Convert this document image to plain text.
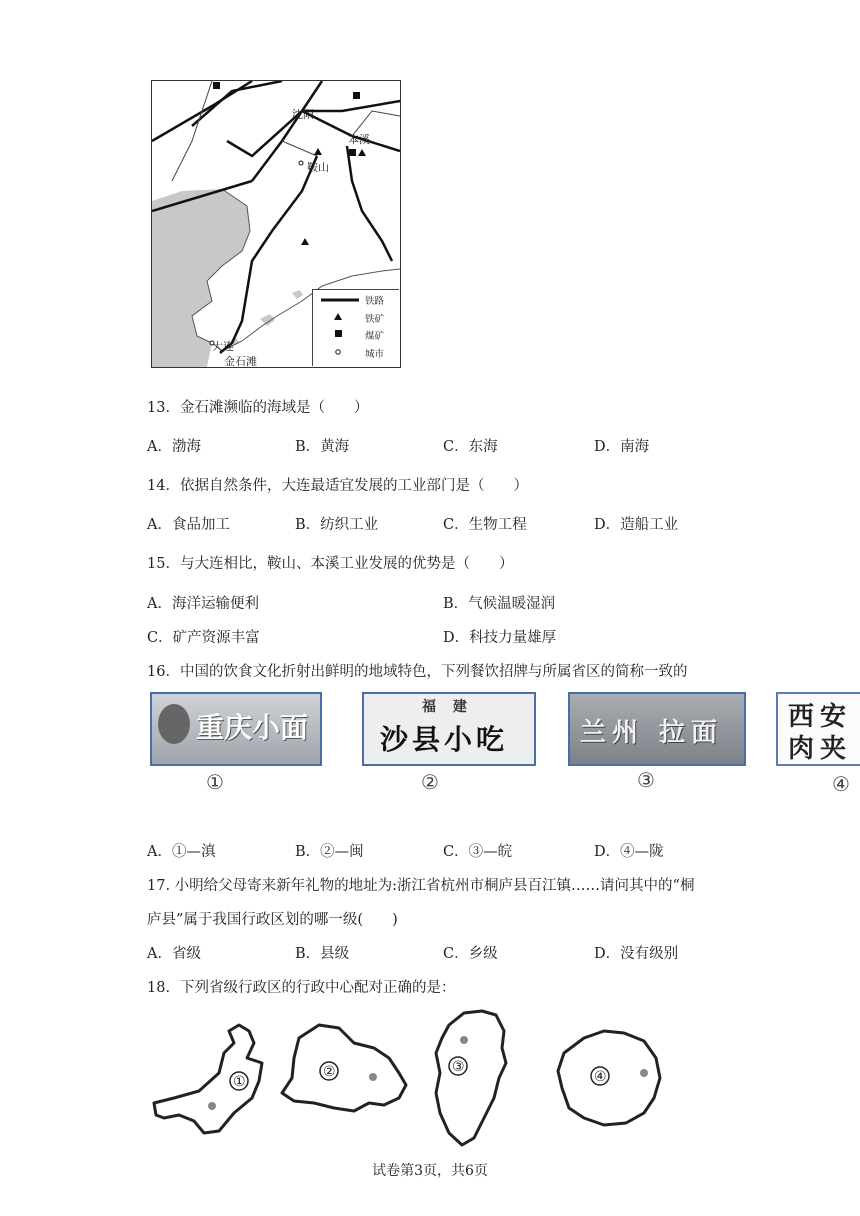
沈阳
本溪
鞍山
大连
金石滩
铁路
铁矿
煤矿
城市
13．金石滩濒临的海域是（　　）
A．渤海	B．黄海	C．东海	D．南海
14．依据自然条件，大连最适宜发展的工业部门是（　　）
A．食品加工	B．纺织工业	C．生物工程	D．造船工业
15．与大连相比，鞍山、本溪工业发展的优势是（　　）
A．海洋运输便利	B．气候温暖湿润
C．矿产资源丰富	D．科技力量雄厚
16．中国的饮食文化折射出鲜明的地域特色，下列餐饮招牌与所属省区的简称一致的
重庆小面
①
福 建
沙县小吃
②
兰州 拉面
③
西安
肉夹
④
A．①—滇	B．②—闽	C．③—皖	D．④—陇
17. 小明给父母寄来新年礼物的地址为:浙江省杭州市桐庐县百江镇……请问其中的“桐
庐县”属于我国行政区划的哪一级(　　)
A．省级	B．县级	C．乡级	D．没有级别
18．下列省级行政区的行政中心配对正确的是：
①
②	③
④
试卷第3页，共6页
